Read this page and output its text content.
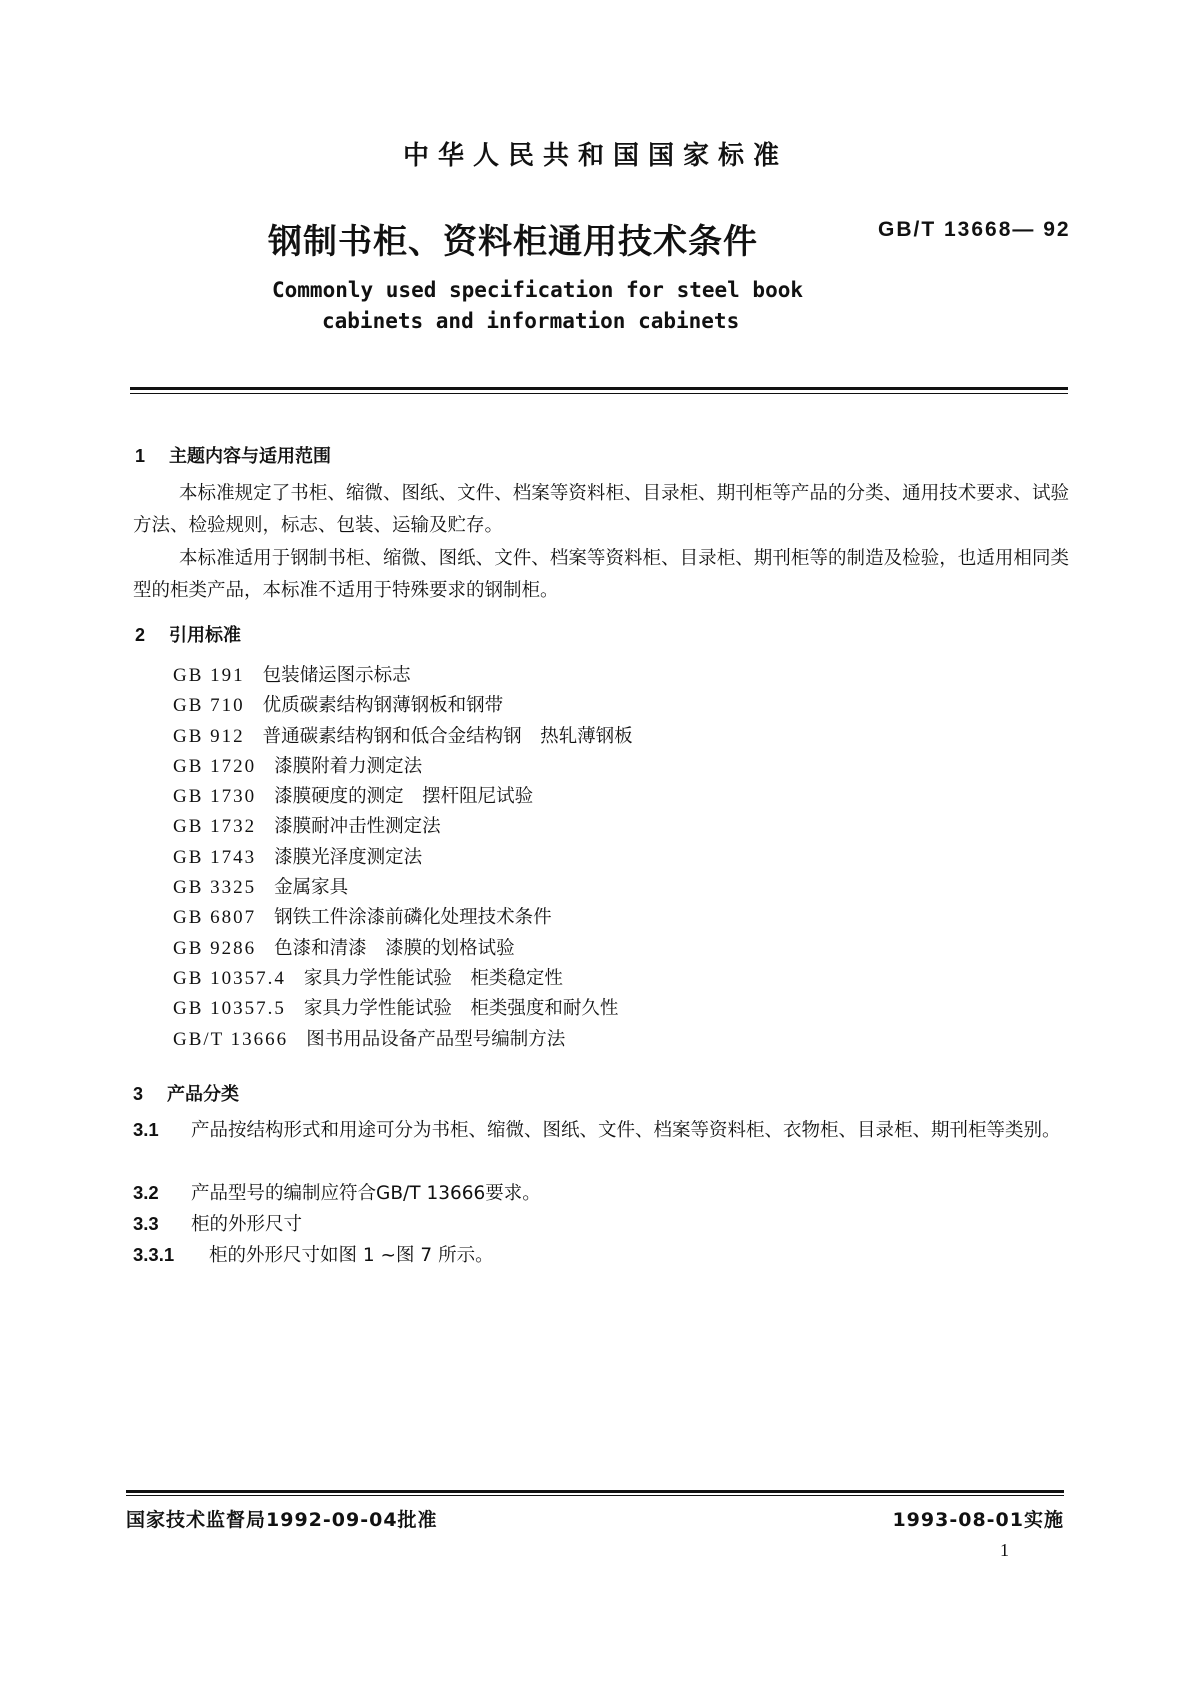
中华人民共和国国家标准
钢制书柜、资料柜通用技术条件	GB/T 13668— 92
Commonly used specification for steel book
cabinets and information cabinets
1 主题内容与适用范围
本标准规定了书柜、缩微、图纸、文件、档案等资料柜、目录柜、期刊柜等产品的分类、通用技术要求、试验方法、检验规则，标志、包装、运输及贮存。
本标准适用于钢制书柜、缩微、图纸、文件、档案等资料柜、目录柜、期刊柜等的制造及检验，也适用相同类型的柜类产品，本标准不适用于特殊要求的钢制柜。
2 引用标准
GB 191 包装储运图示标志
GB 710 优质碳素结构钢薄钢板和钢带
GB 912 普通碳素结构钢和低合金结构钢　热轧薄钢板
GB 1720 漆膜附着力测定法
GB 1730 漆膜硬度的测定　摆杆阻尼试验
GB 1732 漆膜耐冲击性测定法
GB 1743 漆膜光泽度测定法
GB 3325 金属家具
GB 6807 钢铁工件涂漆前磷化处理技术条件
GB 9286 色漆和清漆　漆膜的划格试验
GB 10357.4 家具力学性能试验　柜类稳定性
GB 10357.5 家具力学性能试验　柜类强度和耐久性
GB/T 13666 图书用品设备产品型号编制方法
3 产品分类
3.1 产品按结构形式和用途可分为书柜、缩微、图纸、文件、档案等资料柜、衣物柜、目录柜、期刊柜等类别。
3.2 产品型号的编制应符合GB/T 13666要求。
3.3 柜的外形尺寸
3.3.1 柜的外形尺寸如图 1 ~图 7 所示。
国家技术监督局1992-09-04批准	1993-08-01实施
1
